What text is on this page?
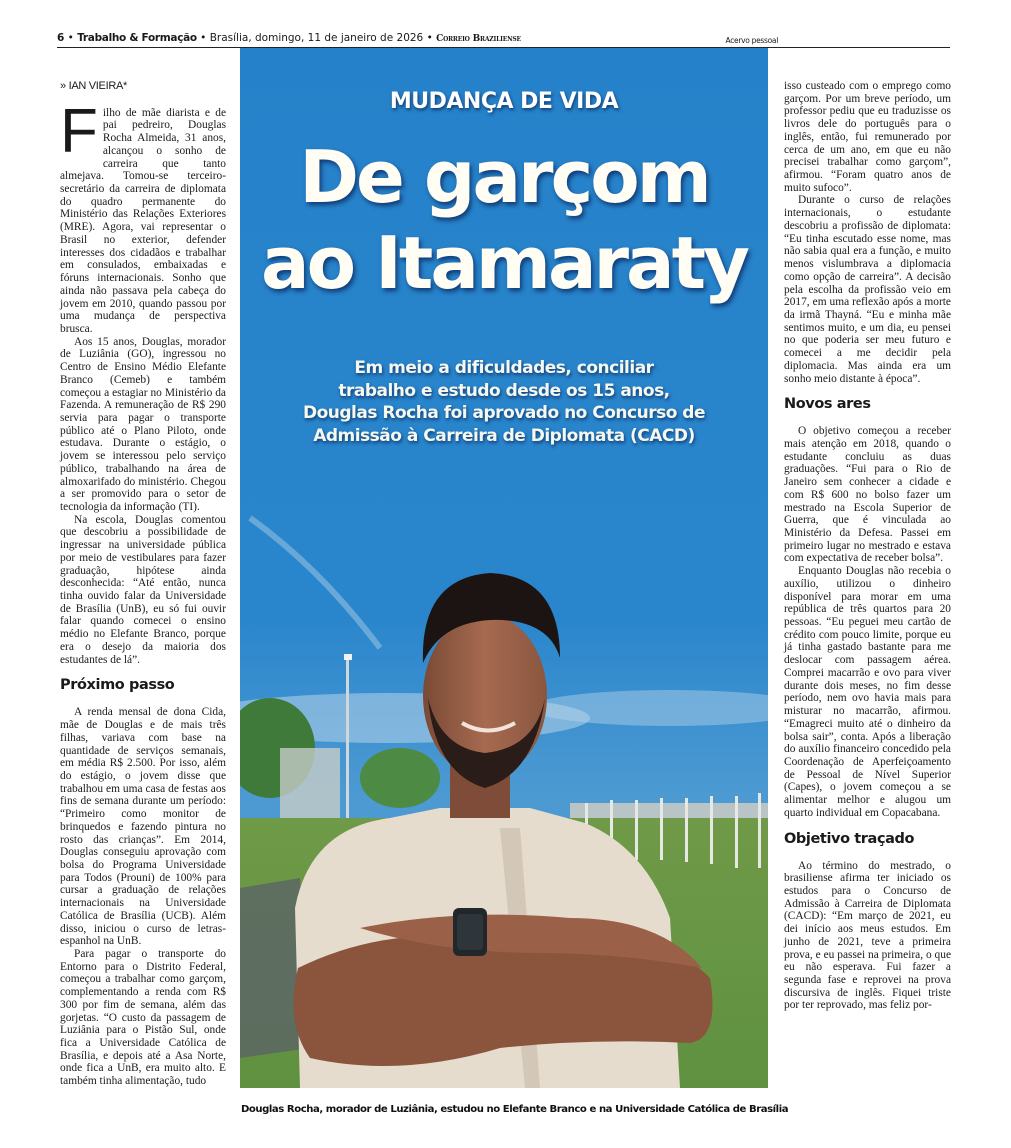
6 • Trabalho & Formação • Brasília, domingo, 11 de janeiro de 2026 • Correio Braziliense	Acervo pessoal
» IAN VIEIRA*

Filho de mãe diarista e de pai pedreiro, Douglas Rocha Almeida, 31 anos, alcançou o sonho de carreira que tanto almejava. Tomou-se terceiro-secretário da carreira de diplomata do quadro permanente do Ministério das Relações Exteriores (MRE). Agora, vai representar o Brasil no exterior, defender interesses dos cidadãos e trabalhar em consulados, embaixadas e fóruns internacionais. Sonho que ainda não passava pela cabeça do jovem em 2010, quando passou por uma mudança de perspectiva brusca.

Aos 15 anos, Douglas, morador de Luziânia (GO), ingressou no Centro de Ensino Médio Elefante Branco (Cemeb) e também começou a estagiar no Ministério da Fazenda. A remuneração de R$ 290 servia para pagar o transporte público até o Plano Piloto, onde estudava. Durante o estágio, o jovem se interessou pelo serviço público, trabalhando na área de almoxarifado do ministério. Chegou a ser promovido para o setor de tecnologia da informação (TI).

Na escola, Douglas comentou que descobriu a possibilidade de ingressar na universidade pública por meio de vestibulares para fazer graduação, hipótese ainda desconhecida: “Até então, nunca tinha ouvido falar da Universidade de Brasília (UnB), eu só fui ouvir falar quando comecei o ensino médio no Elefante Branco, porque era o desejo da maioria dos estudantes de lá”.

Próximo passo

A renda mensal de dona Cida, mãe de Douglas e de mais três filhas, variava com base na quantidade de serviços semanais, em média R$ 2.500. Por isso, além do estágio, o jovem disse que trabalhou em uma casa de festas aos fins de semana durante um período: “Primeiro como monitor de brinquedos e fazendo pintura no rosto das crianças”. Em 2014, Douglas conseguiu aprovação com bolsa do Programa Universidade para Todos (Prouni) de 100% para cursar a graduação de relações internacionais na Universidade Católica de Brasília (UCB). Além disso, iniciou o curso de letras-espanhol na UnB.

Para pagar o transporte do Entorno para o Distrito Federal, começou a trabalhar como garçom, complementando a renda com R$ 300 por fim de semana, além das gorjetas. “O custo da passagem de Luziânia para o Pistão Sul, onde fica a Universidade Católica de Brasília, e depois até a Asa Norte, onde fica a UnB, era muito alto. E também tinha alimentação, tudo

MUDANÇA DE VIDA
De garçom
ao Itamaraty
Em meio a dificuldades, conciliar
trabalho e estudo desde os 15 anos,
Douglas Rocha foi aprovado no Concurso de
Admissão à Carreira de Diplomata (CACD)
Douglas Rocha, morador de Luziânia, estudou no Elefante Branco e na Universidade Católica de Brasília

isso custeado com o emprego como garçom. Por um breve período, um professor pediu que eu traduzisse os livros dele do português para o inglês, então, fui remunerado por cerca de um ano, em que eu não precisei trabalhar como garçom”, afirmou. “Foram quatro anos de muito sufoco”.

Durante o curso de relações internacionais, o estudante descobriu a profissão de diplomata: “Eu tinha escutado esse nome, mas não sabia qual era a função, e muito menos vislumbrava a diplomacia como opção de carreira”. A decisão pela escolha da profissão veio em 2017, em uma reflexão após a morte da irmã Thayná. “Eu e minha mãe sentimos muito, e um dia, eu pensei no que poderia ser meu futuro e comecei a me decidir pela diplomacia. Mas ainda era um sonho meio distante à época”.

Novos ares

O objetivo começou a receber mais atenção em 2018, quando o estudante concluiu as duas graduações. “Fui para o Rio de Janeiro sem conhecer a cidade e com R$ 600 no bolso fazer um mestrado na Escola Superior de Guerra, que é vinculada ao Ministério da Defesa. Passei em primeiro lugar no mestrado e estava com expectativa de receber bolsa”.

Enquanto Douglas não recebia o auxílio, utilizou o dinheiro disponível para morar em uma república de três quartos para 20 pessoas. “Eu peguei meu cartão de crédito com pouco limite, porque eu já tinha gastado bastante para me deslocar com passagem aérea. Comprei macarrão e ovo para viver durante dois meses, no fim desse período, nem ovo havia mais para misturar no macarrão, afirmou. “Emagreci muito até o dinheiro da bolsa sair”, conta. Após a liberação do auxílio financeiro concedido pela Coordenação de Aperfeiçoamento de Pessoal de Nível Superior (Capes), o jovem começou a se alimentar melhor e alugou um quarto individual em Copacabana.

Objetivo traçado

Ao término do mestrado, o brasiliense afirma ter iniciado os estudos para o Concurso de Admissão à Carreira de Diplomata (CACD): “Em março de 2021, eu dei início aos meus estudos. Em junho de 2021, teve a primeira prova, e eu passei na primeira, o que eu não esperava. Fui fazer a segunda fase e reprovei na prova discursiva de inglês. Fiquei triste por ter reprovado, mas feliz por-
